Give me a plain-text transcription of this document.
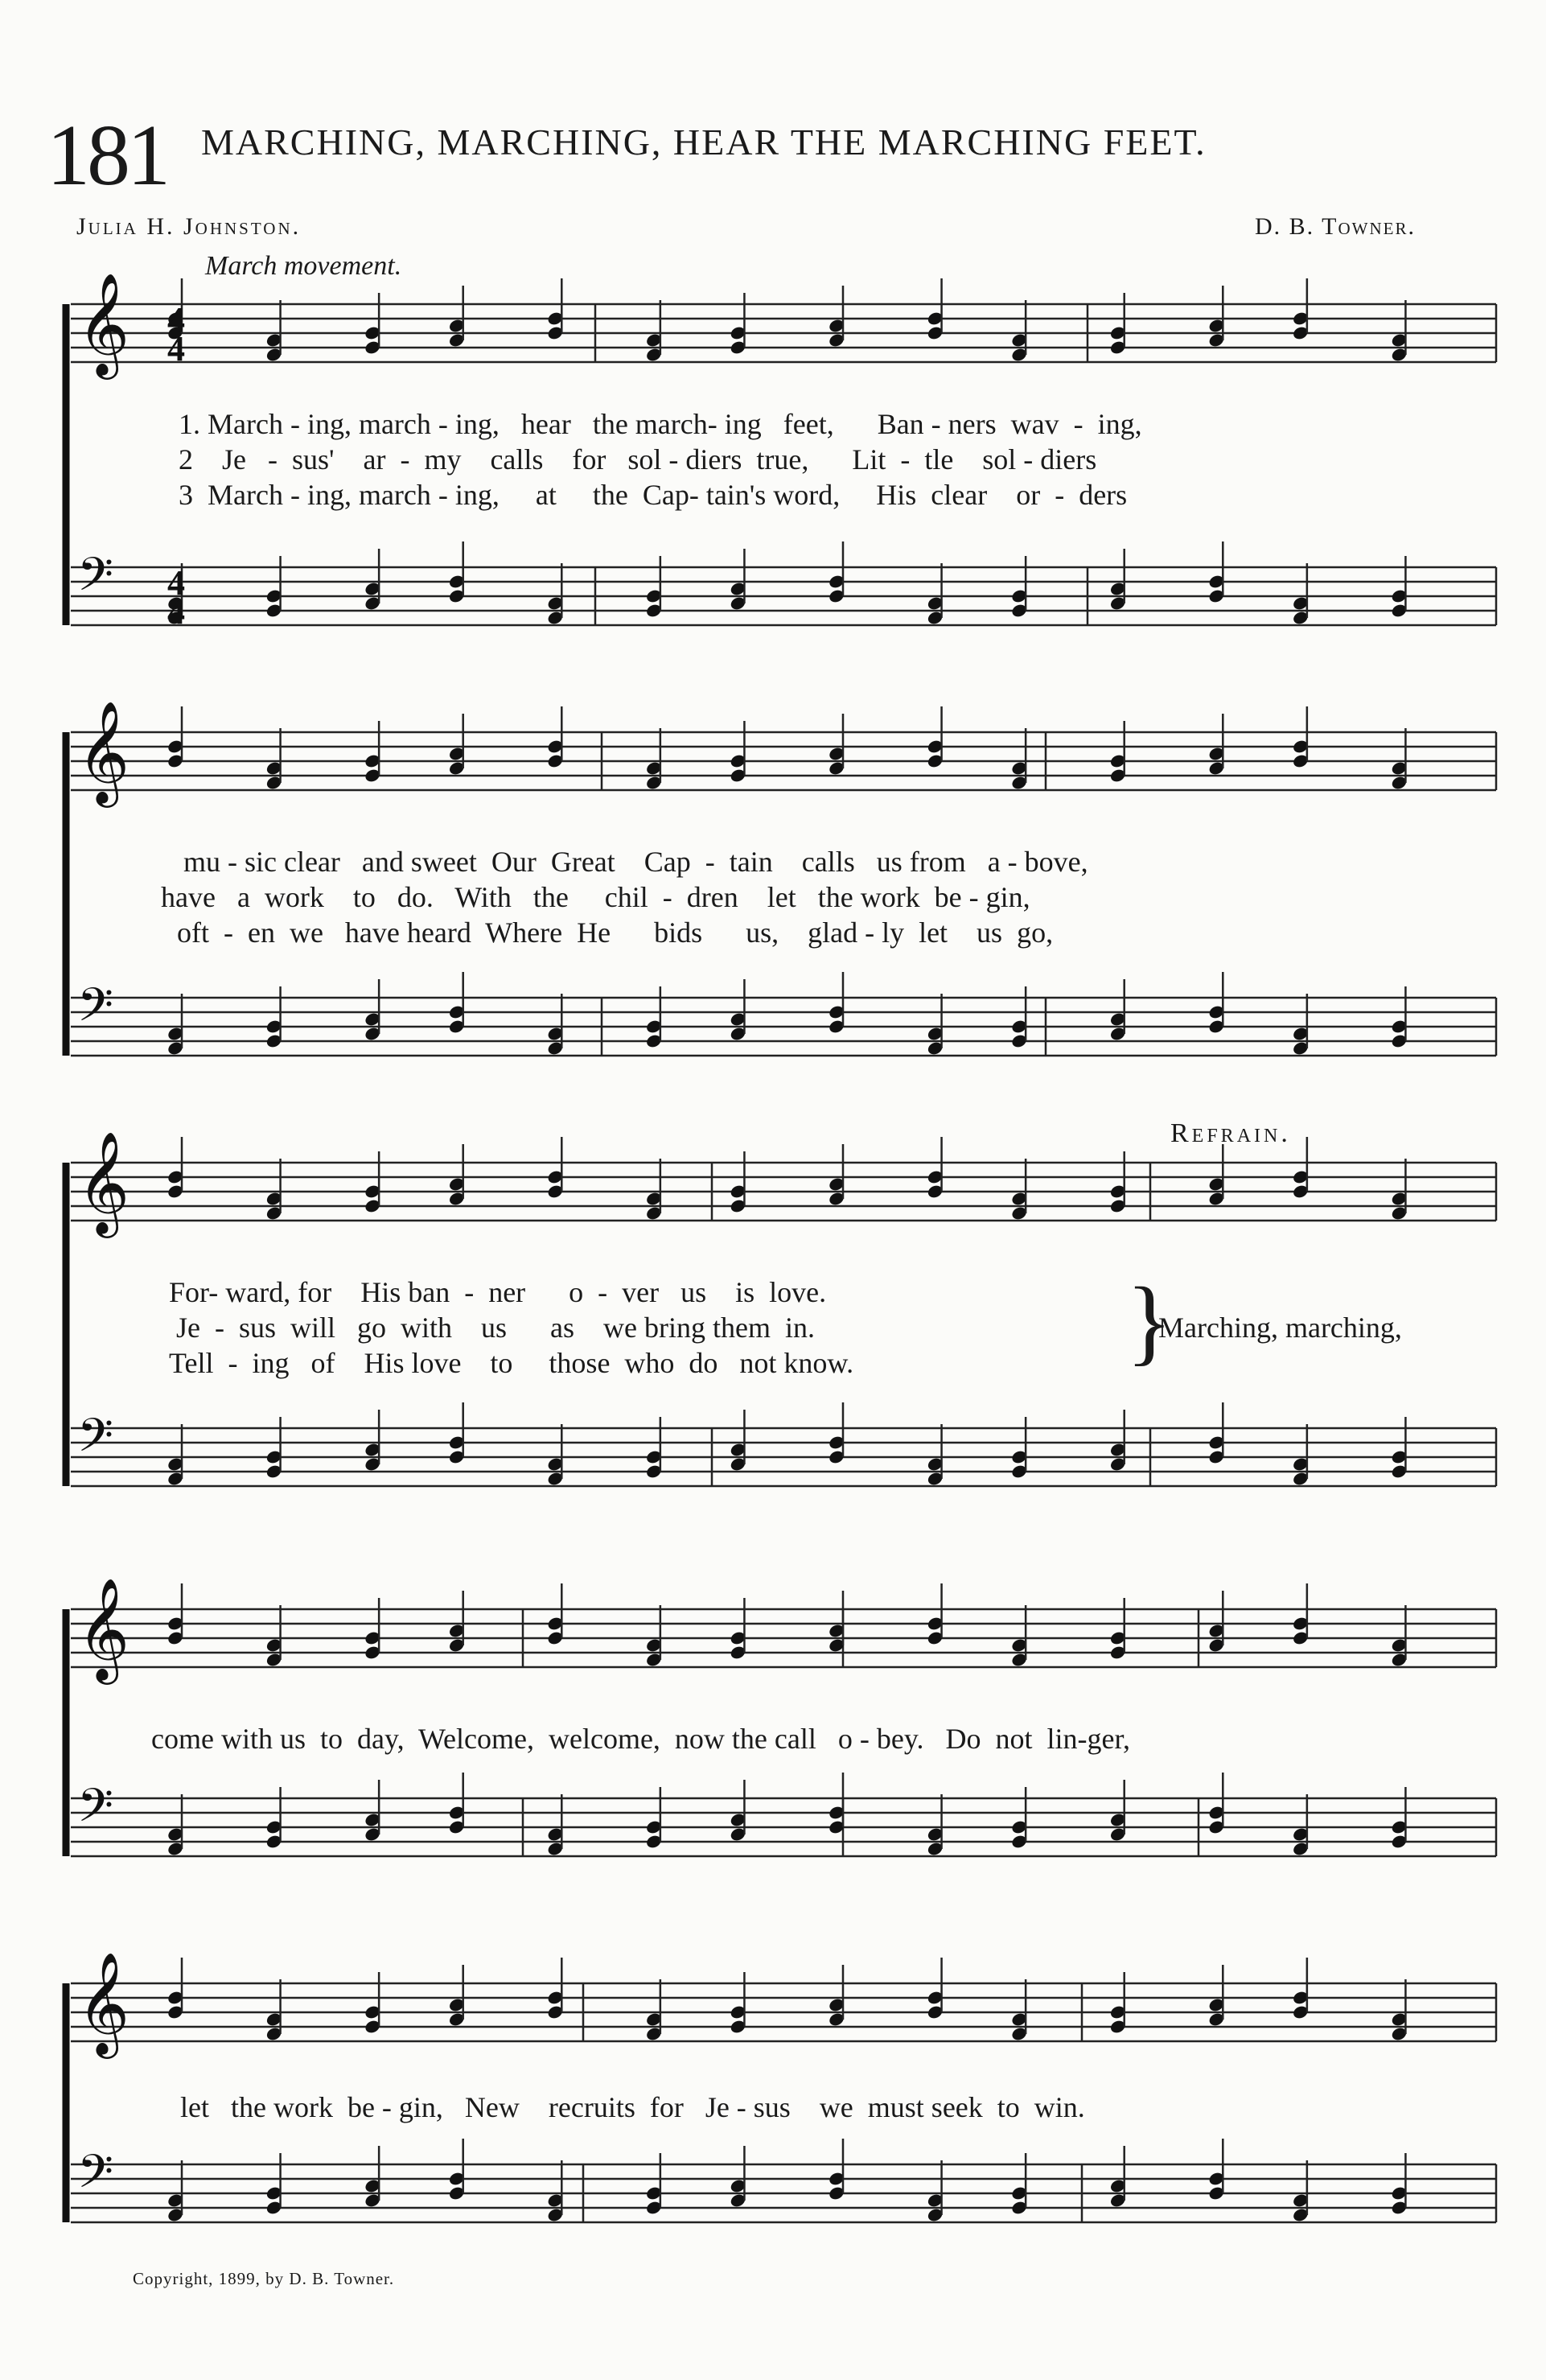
181 MARCHING, MARCHING, HEAR THE MARCHING FEET.
Julia H. Johnston.	D. B. Towner.
March movement.
𝄞
𝄢
𝄞
𝄢
𝄞
𝄢
𝄞
𝄢
𝄞
𝄢
4
4
4
4
1. March - ing, march - ing,   hear   the march- ing   feet,      Ban - ners  wav  -  ing,
2    Je   -  sus'    ar  -  my    calls    for   sol - diers  true,      Lit  -  tle    sol - diers
3  March - ing, march - ing,     at     the  Cap- tain's word,     His  clear    or  -  ders
mu - sic clear   and sweet  Our  Great    Cap  -  tain    calls   us from   a - bove,
have   a  work    to   do.   With   the     chil  -  dren    let   the work  be - gin,
oft  -  en  we   have heard  Where  He      bids      us,    glad - ly  let    us  go,
For- ward, for    His ban  -  ner      o  -  ver   us    is  love.
Je  -  sus  will   go  with    us      as    we bring them  in.
Tell  -  ing   of    His love    to     those  who  do   not know.
Marching, marching,
}
Refrain.
come with us  to  day,  Welcome,  welcome,  now the call   o - bey.   Do  not  lin-ger,
let   the work  be - gin,   New    recruits  for   Je - sus    we  must seek  to  win.
Copyright, 1899, by D. B. Towner.
